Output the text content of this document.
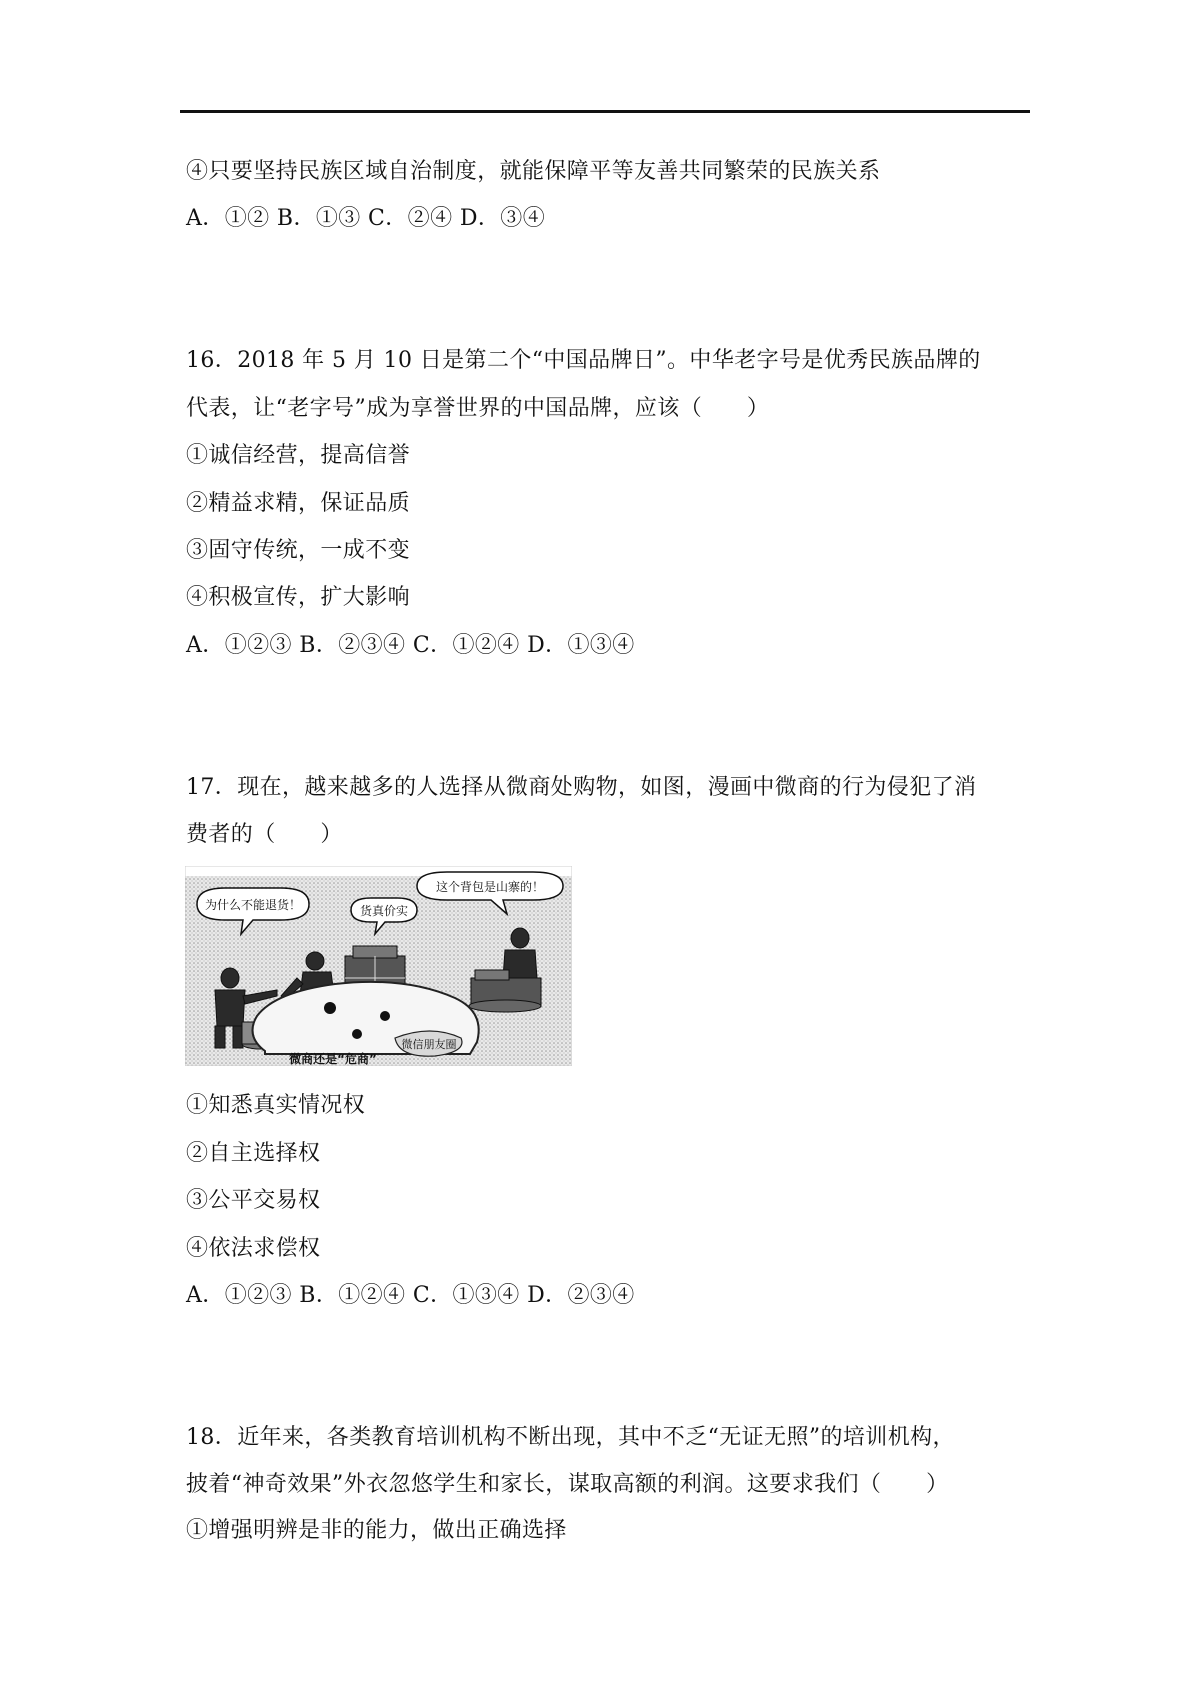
④只要坚持民族区域自治制度，就能保障平等友善共同繁荣的民族关系
A．①② B．①③ C．②④ D．③④
16．2018 年 5 月 10 日是第二个“中国品牌日”。中华老字号是优秀民族品牌的
代表，让“老字号”成为享誉世界的中国品牌，应该（　　）
①诚信经营，提高信誉
②精益求精，保证品质
③固守传统，一成不变
④积极宣传，扩大影响
A．①②③ B．②③④ C．①②④ D．①③④
17．现在，越来越多的人选择从微商处购物，如图，漫画中微商的行为侵犯了消
费者的（　　）
为什么不能退货！	货真价实
这个背包是山寨的！
微信朋友圈
微商还是“危商”
①知悉真实情况权
②自主选择权
③公平交易权
④依法求偿权
A．①②③ B．①②④ C．①③④ D．②③④
18．近年来，各类教育培训机构不断出现，其中不乏“无证无照”的培训机构，
披着“神奇效果”外衣忽悠学生和家长，谋取高额的利润。这要求我们（　　）
①增强明辨是非的能力，做出正确选择
